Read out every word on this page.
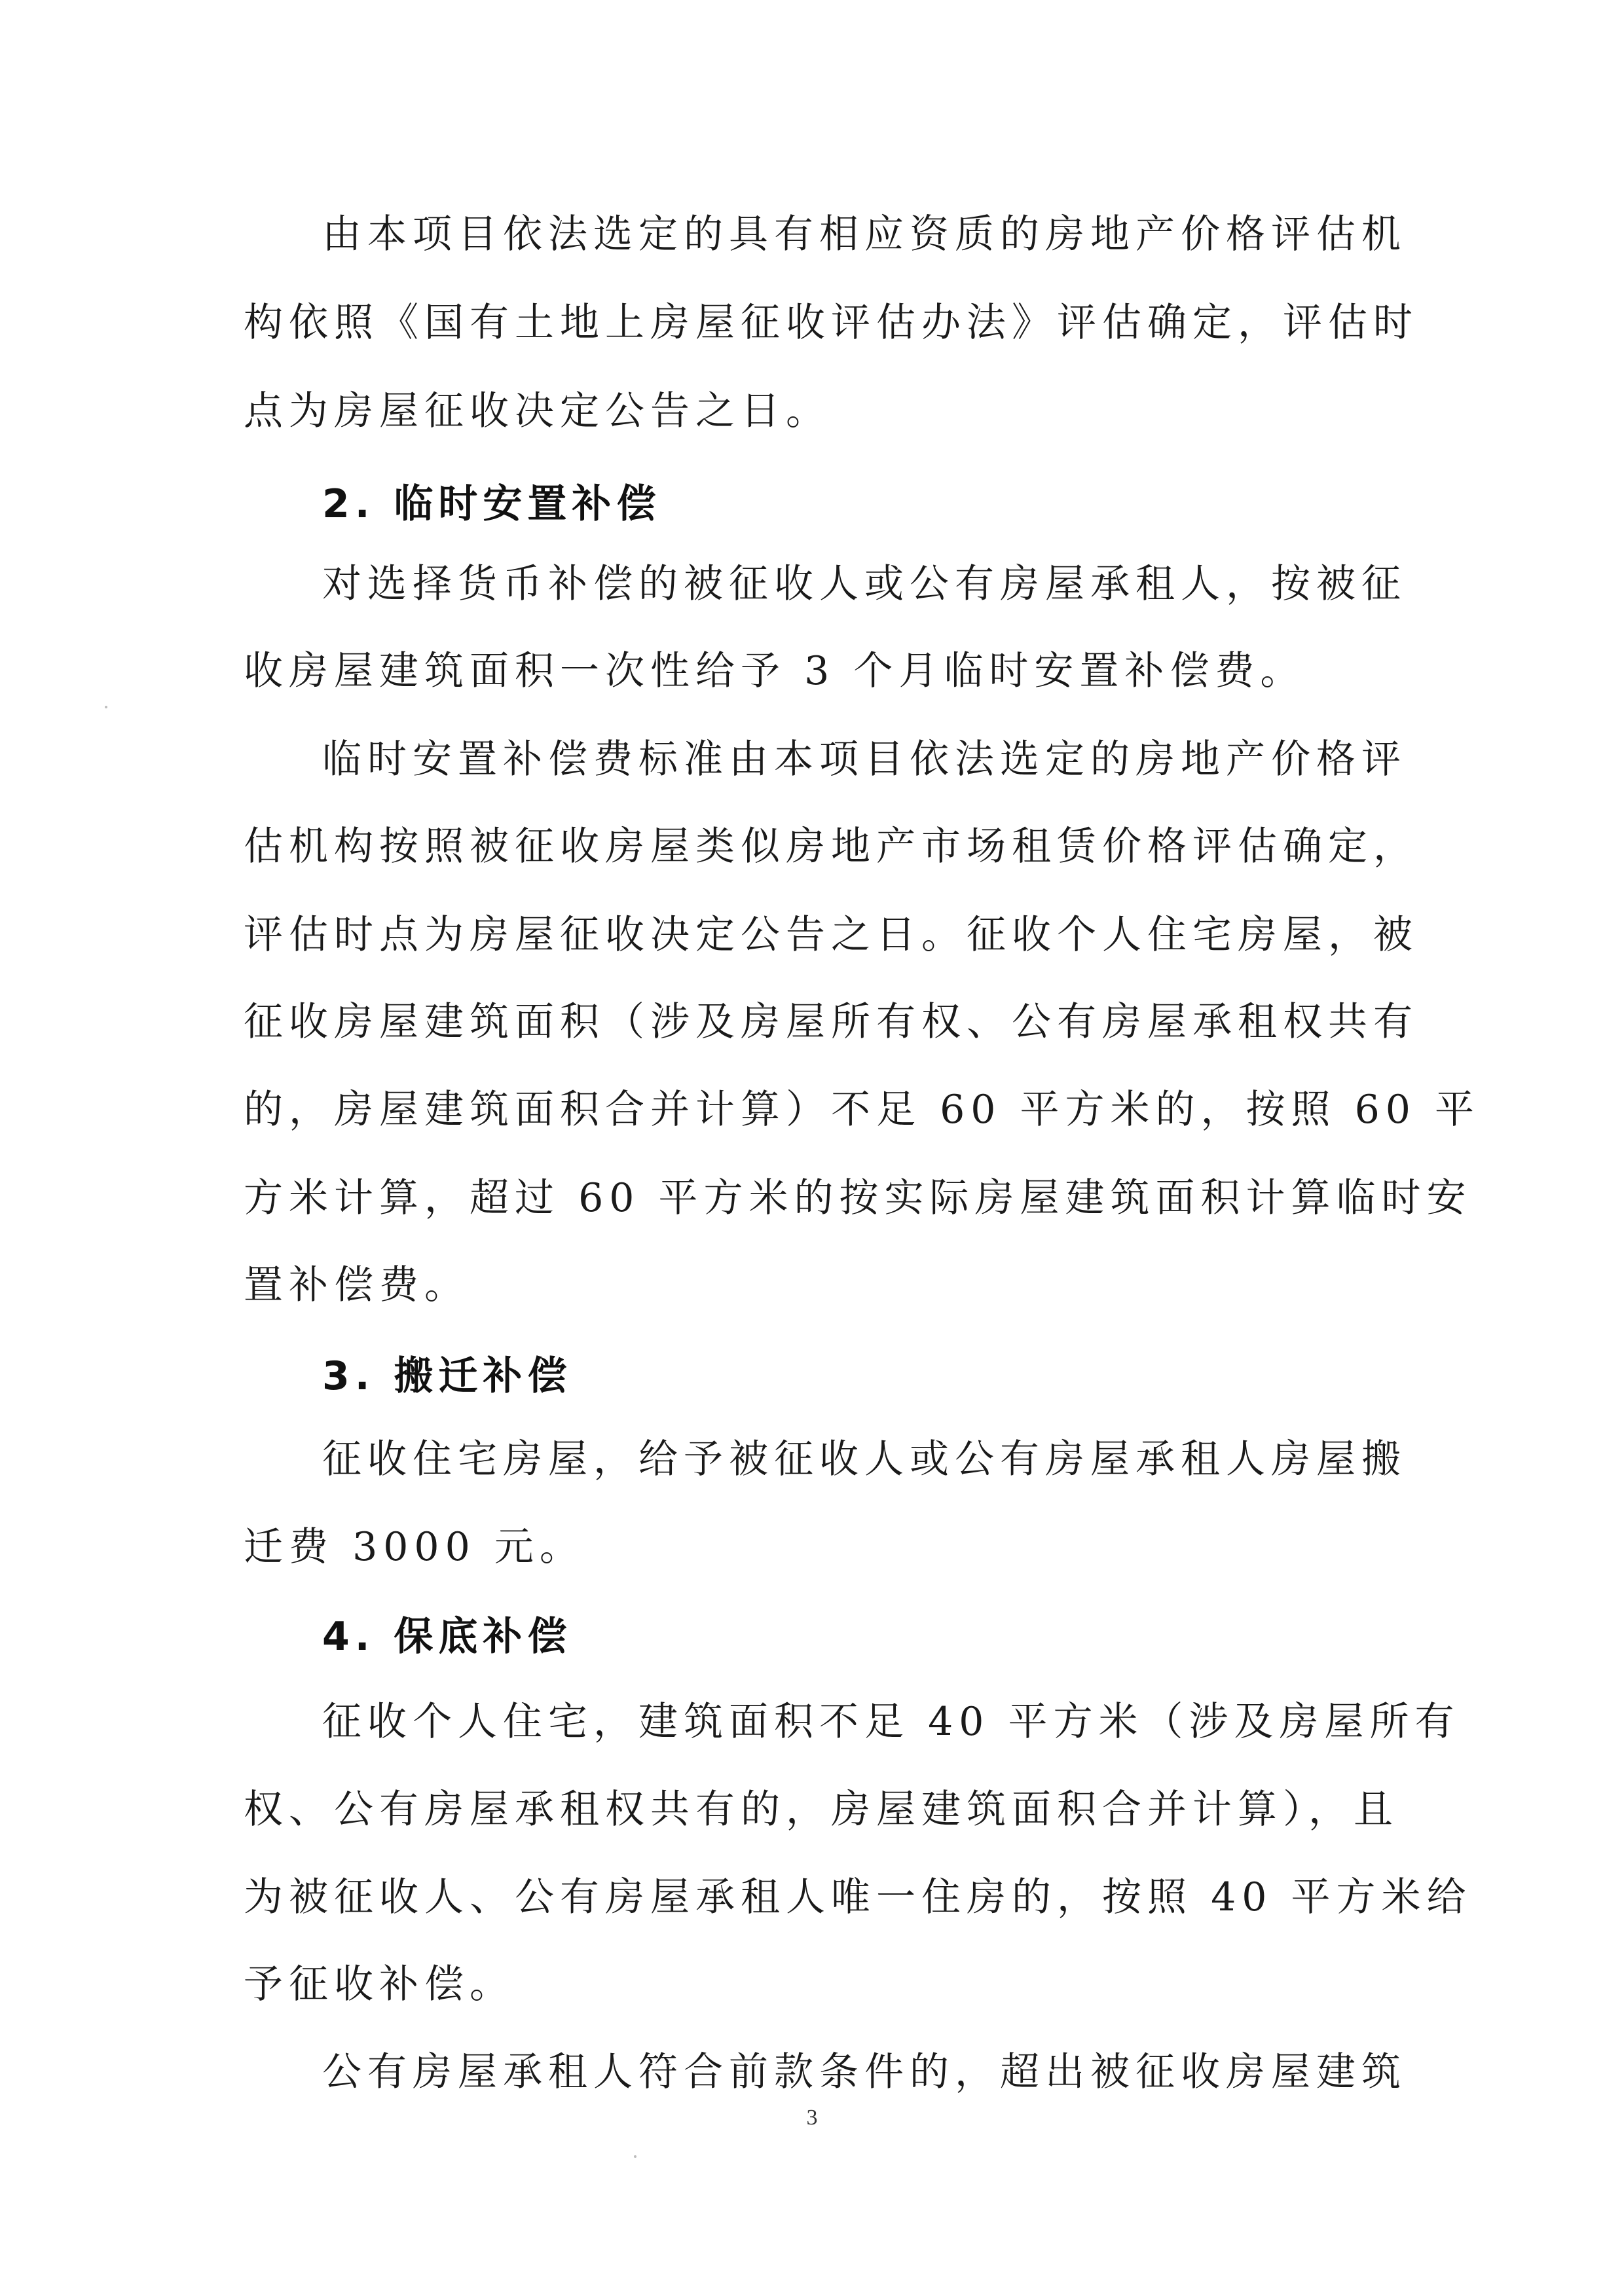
由本项目依法选定的具有相应资质的房地产价格评估机

构依照《国有土地上房屋征收评估办法》评估确定，评估时

点为房屋征收决定公告之日。

2. 临时安置补偿

对选择货币补偿的被征收人或公有房屋承租人，按被征

收房屋建筑面积一次性给予 3 个月临时安置补偿费。

临时安置补偿费标准由本项目依法选定的房地产价格评

估机构按照被征收房屋类似房地产市场租赁价格评估确定，

评估时点为房屋征收决定公告之日。征收个人住宅房屋，被

征收房屋建筑面积（涉及房屋所有权、公有房屋承租权共有

的，房屋建筑面积合并计算）不足 60 平方米的，按照 60 平

方米计算，超过 60 平方米的按实际房屋建筑面积计算临时安

置补偿费。

3. 搬迁补偿

征收住宅房屋，给予被征收人或公有房屋承租人房屋搬

迁费 3000 元。

4. 保底补偿

征收个人住宅，建筑面积不足 40 平方米（涉及房屋所有

权、公有房屋承租权共有的，房屋建筑面积合并计算），且

为被征收人、公有房屋承租人唯一住房的，按照 40 平方米给

予征收补偿。

公有房屋承租人符合前款条件的，超出被征收房屋建筑

3
